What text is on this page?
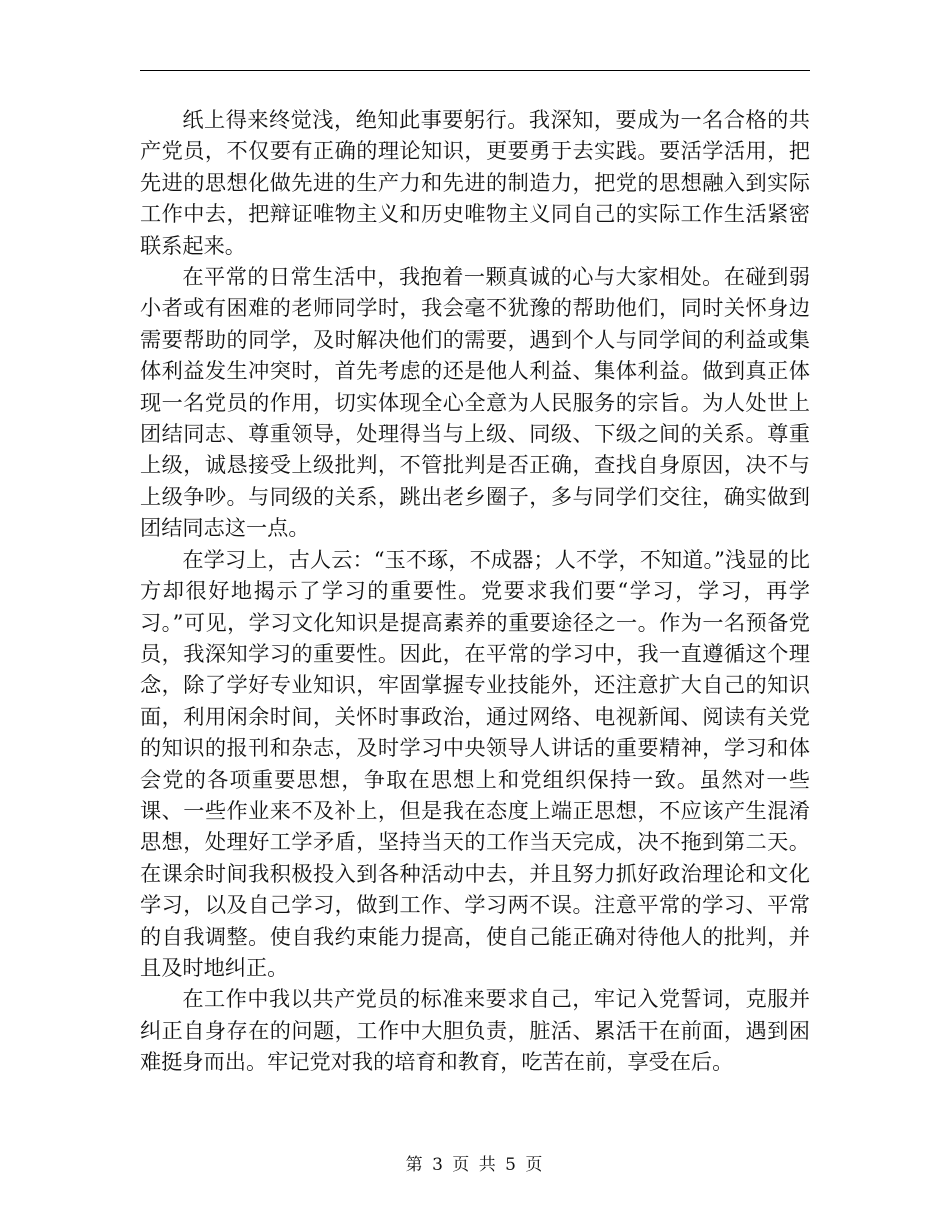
纸上得来终觉浅，绝知此事要躬行。我深知，要成为一名合格的共产党员，不仅要有正确的理论知识，更要勇于去实践。要活学活用，把先进的思想化做先进的生产力和先进的制造力，把党的思想融入到实际工作中去，把辩证唯物主义和历史唯物主义同自己的实际工作生活紧密联系起来。

在平常的日常生活中，我抱着一颗真诚的心与大家相处。在碰到弱小者或有困难的老师同学时，我会毫不犹豫的帮助他们，同时关怀身边需要帮助的同学，及时解决他们的需要，遇到个人与同学间的利益或集体利益发生冲突时，首先考虑的还是他人利益、集体利益。做到真正体现一名党员的作用，切实体现全心全意为人民服务的宗旨。为人处世上团结同志、尊重领导，处理得当与上级、同级、下级之间的关系。尊重上级，诚恳接受上级批判，不管批判是否正确，查找自身原因，决不与上级争吵。与同级的关系，跳出老乡圈子，多与同学们交往，确实做到团结同志这一点。

在学习上，古人云：“玉不琢，不成器；人不学，不知道。”浅显的比方却很好地揭示了学习的重要性。党要求我们要“学习，学习，再学习。”可见，学习文化知识是提高素养的重要途径之一。作为一名预备党员，我深知学习的重要性。因此，在平常的学习中，我一直遵循这个理念，除了学好专业知识，牢固掌握专业技能外，还注意扩大自己的知识面，利用闲余时间，关怀时事政治，通过网络、电视新闻、阅读有关党的知识的报刊和杂志，及时学习中央领导人讲话的重要精神，学习和体会党的各项重要思想，争取在思想上和党组织保持一致。虽然对一些课、一些作业来不及补上，但是我在态度上端正思想，不应该产生混淆思想，处理好工学矛盾，坚持当天的工作当天完成，决不拖到第二天。在课余时间我积极投入到各种活动中去，并且努力抓好政治理论和文化学习，以及自己学习，做到工作、学习两不误。注意平常的学习、平常的自我调整。使自我约束能力提高，使自己能正确对待他人的批判，并且及时地纠正。

在工作中我以共产党员的标准来要求自己，牢记入党誓词，克服并纠正自身存在的问题，工作中大胆负责，脏活、累活干在前面，遇到困难挺身而出。牢记党对我的培育和教育，吃苦在前，享受在后。

第 3 页 共 5 页
